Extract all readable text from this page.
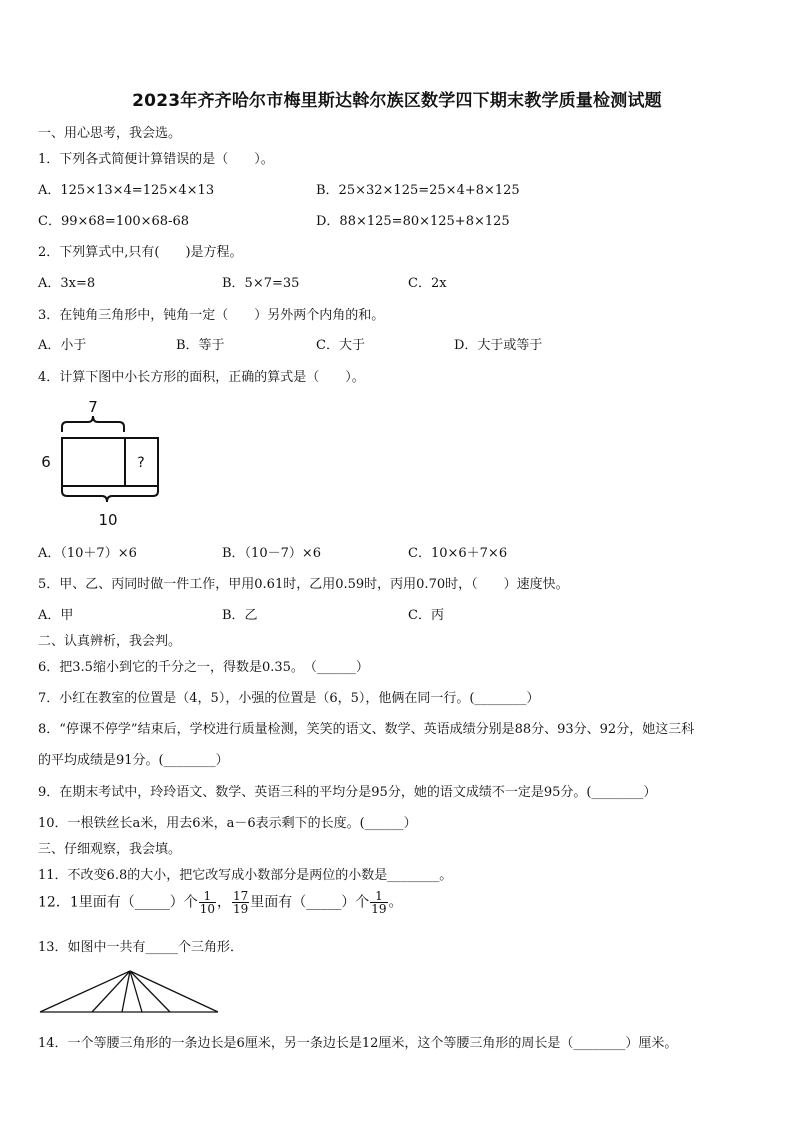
2023年齐齐哈尔市梅里斯达斡尔族区数学四下期末教学质量检测试题
一、用心思考，我会选。
1．下列各式简便计算错误的是（　　）。
A．125×13×4=125×4×13	B．25×32×125=25×4+8×125
C．99×68=100×68-68	D．88×125=80×125+8×125
2．下列算式中,只有(　　)是方程。
A．3x=8	B．5×7=35	C．2x
3．在钝角三角形中，钝角一定（　　）另外两个内角的和。
A．小于	B．等于	C．大于	D．大于或等于
4．计算下图中小长方形的面积，正确的算式是（　　）。
7
6	?
10
A．（10＋7）×6	B．（10－7）×6	C．10×6＋7×6
5．甲、乙、丙同时做一件工作，甲用0.61时，乙用0.59时，丙用0.70时，（　　）速度快。
A．甲	B．乙	C．丙
二、认真辨析，我会判。
6．把3.5缩小到它的千分之一，得数是0.35。　（______）
7．小红在教室的位置是（4，5），小强的位置是（6，5），他俩在同一行。(________）
8．“停课不停学”结束后，学校进行质量检测，笑笑的语文、数学、英语成绩分别是88分、93分、92分，她这三科
的平均成绩是91分。(________）
9．在期末考试中，玲玲语文、数学、英语三科的平均分是95分，她的语文成绩不一定是95分。(________）
10．一根铁丝长a米，用去6米，a－6表示剩下的长度。(______）
三、仔细观察，我会填。
11．不改变6.8的大小，把它改写成小数部分是两位的小数是________。
12．1里面有（_____）个 $\frac{1}{10}$ ， $\frac{17}{19}$ 里面有（_____）个 $\frac{1}{19}$ 。
13．如图中一共有_____个三角形．
14．一个等腰三角形的一条边长是6厘米，另一条边长是12厘米，这个等腰三角形的周长是（________）厘米。
